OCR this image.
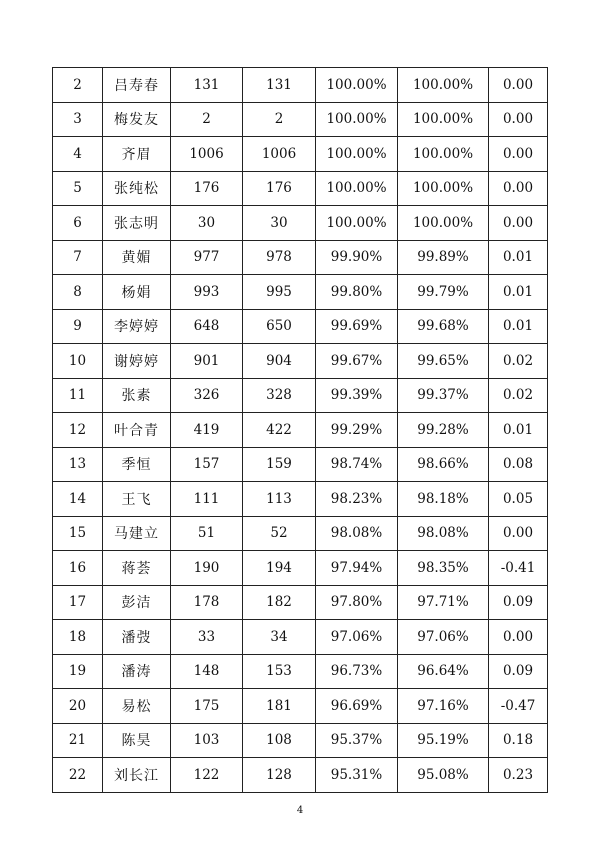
2	吕寿春	131	131	100.00%	100.00%	0.00
3	梅发友	2	2	100.00%	100.00%	0.00
4	齐眉	1006	1006	100.00%	100.00%	0.00
5	张纯松	176	176	100.00%	100.00%	0.00
6	张志明	30	30	100.00%	100.00%	0.00
7	黄媚	977	978	99.90%	99.89%	0.01
8	杨娟	993	995	99.80%	99.79%	0.01
9	李婷婷	648	650	99.69%	99.68%	0.01
10	谢婷婷	901	904	99.67%	99.65%	0.02
11	张素	326	328	99.39%	99.37%	0.02
12	叶合青	419	422	99.29%	99.28%	0.01
13	季恒	157	159	98.74%	98.66%	0.08
14	王飞	111	113	98.23%	98.18%	0.05
15	马建立	51	52	98.08%	98.08%	0.00
16	蒋荟	190	194	97.94%	98.35%	-0.41
17	彭洁	178	182	97.80%	97.71%	0.09
18	潘弢	33	34	97.06%	97.06%	0.00
19	潘涛	148	153	96.73%	96.64%	0.09
20	易松	175	181	96.69%	97.16%	-0.47
21	陈昊	103	108	95.37%	95.19%	0.18
22	刘长江	122	128	95.31%	95.08%	0.23
4
